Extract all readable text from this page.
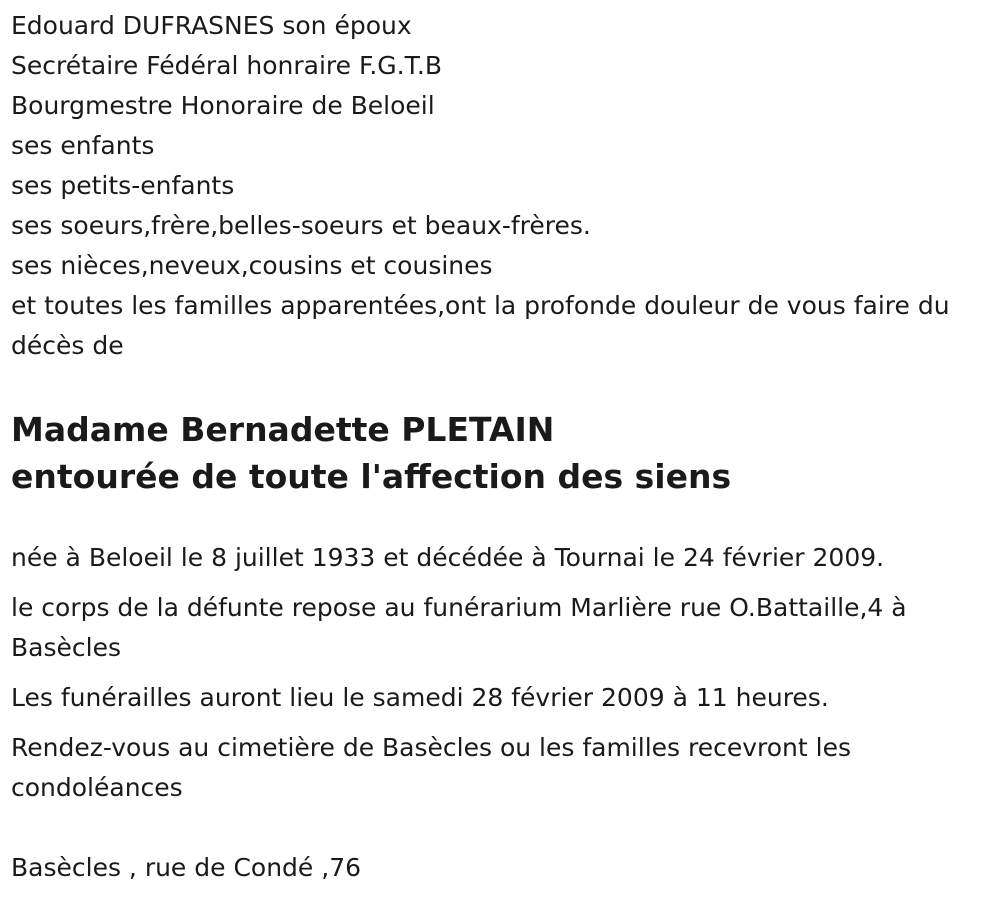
Edouard DUFRASNES son époux

Secrétaire Fédéral honraire F.G.T.B

Bourgmestre Honoraire de Beloeil

ses enfants

ses petits-enfants

ses soeurs,frère,belles-soeurs et beaux-frères.

ses nièces,neveux,cousins et cousines

et toutes les familles apparentées,ont la profonde douleur de vous faire du décès de

Madame Bernadette PLETAIN

entourée de toute l'affection des siens

née à Beloeil le 8 juillet 1933 et décédée à Tournai le 24 février 2009.

le corps de la défunte repose au funérarium Marlière rue O.Battaille,4 à Basècles

Les funérailles auront lieu le samedi 28 février 2009 à 11 heures.

Rendez-vous au cimetière de Basècles ou les familles recevront les condoléances

Basècles , rue de Condé ,76
